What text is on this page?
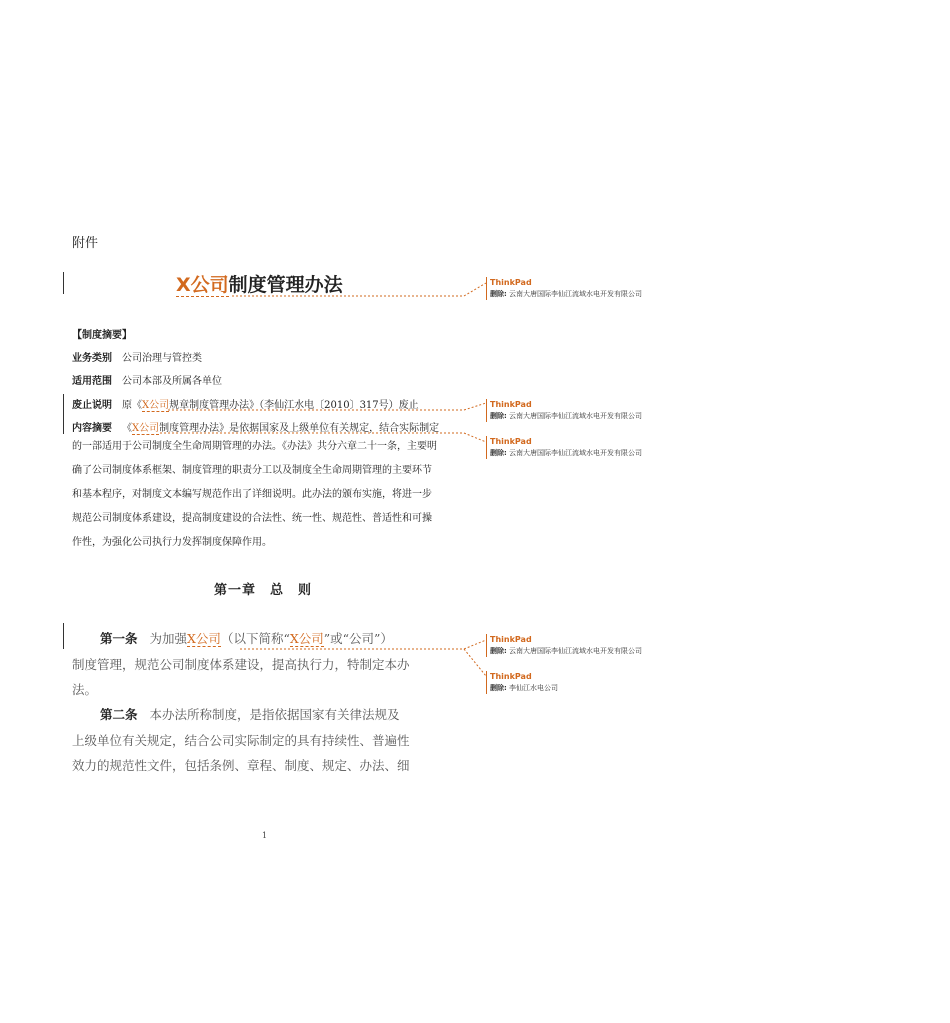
附件
X公司制度管理办法
【制度摘要】
业务类别 公司治理与管控类
适用范围 公司本部及所属各单位
废止说明 原《X公司规章制度管理办法》（李仙江水电〔2010〕317号）废止
内容摘要 《X公司制度管理办法》是依据国家及上级单位有关规定，结合实际制定
的一部适用于公司制度全生命周期管理的办法。《办法》共分六章二十一条，主要明
确了公司制度体系框架、制度管理的职责分工以及制度全生命周期管理的主要环节
和基本程序，对制度文本编写规范作出了详细说明。此办法的颁布实施，将进一步
规范公司制度体系建设，提高制度建设的合法性、统一性、规范性、普适性和可操
作性，为强化公司执行力发挥制度保障作用。
第一章　总　则
第一条 为加强X公司（以下简称“X公司”或“公司”）
制度管理，规范公司制度体系建设，提高执行力，特制定本办
法。
第二条 本办法所称制度，是指依据国家有关律法规及
上级单位有关规定，结合公司实际制定的具有持续性、普遍性
效力的规范性文件，包括条例、章程、制度、规定、办法、细
1
ThinkPad
删除: 云南大唐国际李仙江流域水电开发有限公司
ThinkPad
删除: 云南大唐国际李仙江流域水电开发有限公司
ThinkPad
删除: 云南大唐国际李仙江流域水电开发有限公司
ThinkPad
删除: 云南大唐国际李仙江流域水电开发有限公司
ThinkPad
删除: 李仙江水电公司
